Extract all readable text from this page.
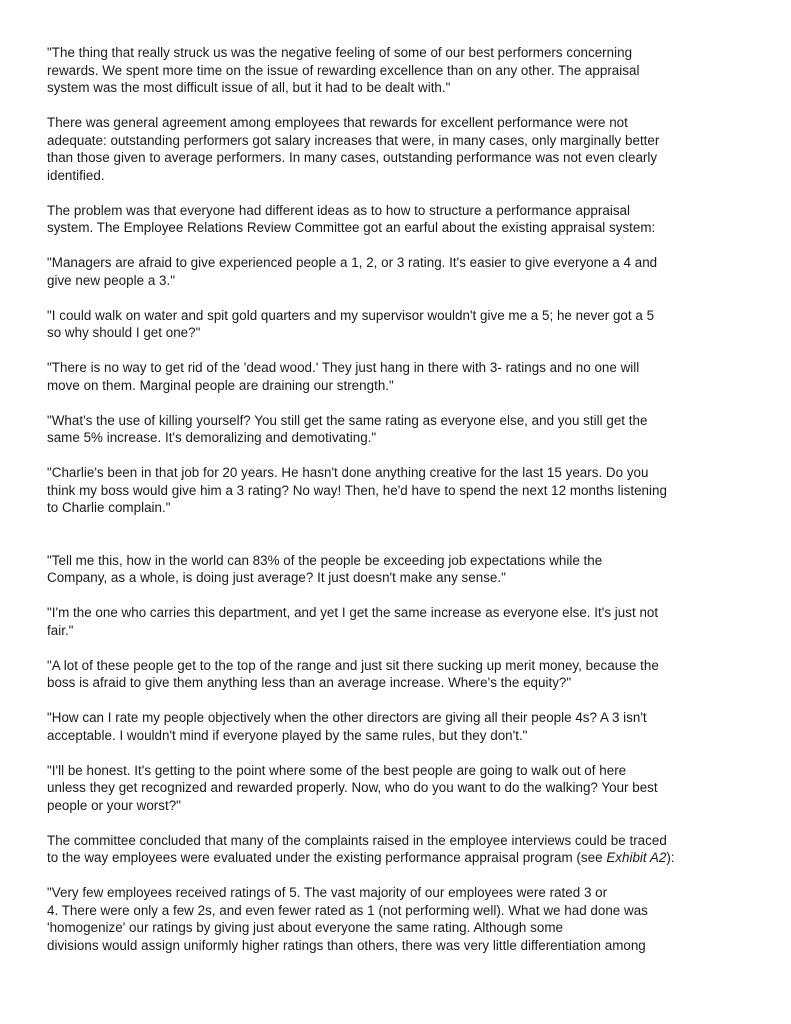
"The thing that really struck us was the negative feeling of some of our best performers concerning
rewards. We spent more time on the issue of rewarding excellence than on any other. The appraisal
system was the most difficult issue of all, but it had to be dealt with."

There was general agreement among employees that rewards for excellent performance were not
adequate: outstanding performers got salary increases that were, in many cases, only marginally better
than those given to average performers. In many cases, outstanding performance was not even clearly
identified.

The problem was that everyone had different ideas as to how to structure a performance appraisal
system. The Employee Relations Review Committee got an earful about the existing appraisal system:

"Managers are afraid to give experienced people a 1, 2, or 3 rating. It's easier to give everyone a 4 and
give new people a 3."

"I could walk on water and spit gold quarters and my supervisor wouldn't give me a 5; he never got a 5
so why should I get one?"

"There is no way to get rid of the 'dead wood.' They just hang in there with 3- ratings and no one will
move on them. Marginal people are draining our strength."

"What's the use of killing yourself? You still get the same rating as everyone else, and you still get the
same 5% increase. It's demoralizing and demotivating."

"Charlie's been in that job for 20 years. He hasn't done anything creative for the last 15 years. Do you
think my boss would give him a 3 rating? No way! Then, he'd have to spend the next 12 months listening
to Charlie complain."

"Tell me this, how in the world can 83% of the people be exceeding job expectations while the
Company, as a whole, is doing just average? It just doesn't make any sense."

"I'm the one who carries this department, and yet I get the same increase as everyone else. It's just not
fair."

"A lot of these people get to the top of the range and just sit there sucking up merit money, because the
boss is afraid to give them anything less than an average increase. Where's the equity?"

"How can I rate my people objectively when the other directors are giving all their people 4s? A 3 isn't
acceptable. I wouldn't mind if everyone played by the same rules, but they don't."

"I'll be honest. It's getting to the point where some of the best people are going to walk out of here
unless they get recognized and rewarded properly. Now, who do you want to do the walking? Your best
people or your worst?"

The committee concluded that many of the complaints raised in the employee interviews could be traced
to the way employees were evaluated under the existing performance appraisal program (see Exhibit A2):

"Very few employees received ratings of 5. The vast majority of our employees were rated 3 or
4. There were only a few 2s, and even fewer rated as 1 (not performing well). What we had done was
'homogenize' our ratings by giving just about everyone the same rating. Although some
divisions would assign uniformly higher ratings than others, there was very little differentiation among
